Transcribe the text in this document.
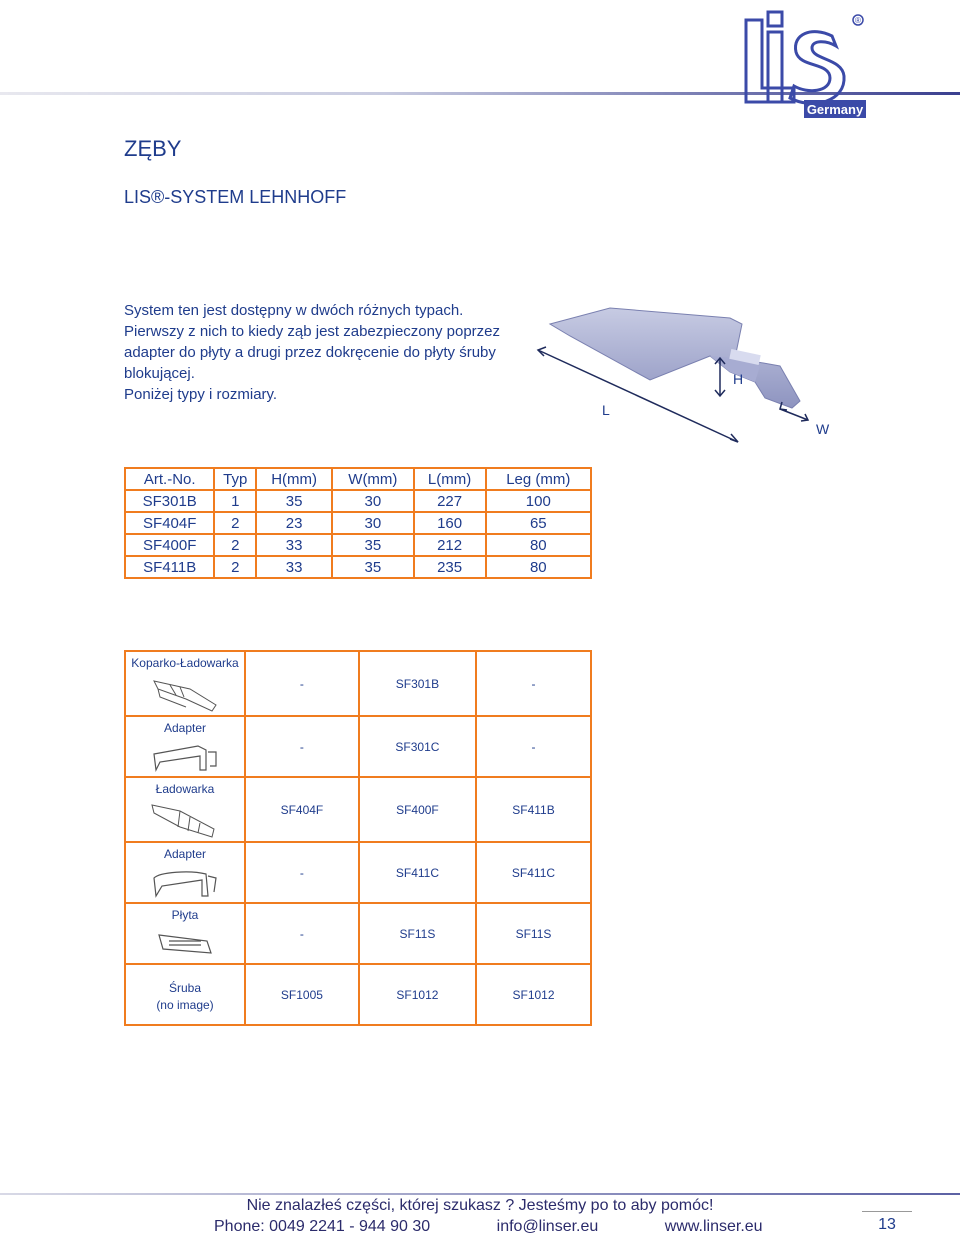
®
Germany
ZĘBY
LIS®-SYSTEM LEHNHOFF

System ten jest dostępny w dwóch różnych typach.

Pierwszy z nich to kiedy ząb jest zabezpieczony poprzez adapter do płyty a drugi przez dokręcenie do płyty śruby blokującej.

Poniżej typy i rozmiary.

L
H
W
Art.-No.	Typ	H(mm)	W(mm)	L(mm)	Leg (mm)
SF301B	1	35	30	227	100
SF404F	2	23	30	160	65
SF400F	2	33	35	212	80
SF411B	2	33	35	235	80
Koparko-Ładowarka	-	SF301B	-

Adapter	-	SF301C	-

Ładowarka	SF404F	SF400F	SF411B

Adapter	-	SF411C	SF411C

Płyta	-	SF11S	SF11S

Śruba
(no image)	SF1005	SF1012	SF1012
Nie znalazłeś części, której szukasz ? Jesteśmy po to aby pomóc!
Phone: 0049 2241 - 944 90 30	info@linser.eu	www.linser.eu	13
